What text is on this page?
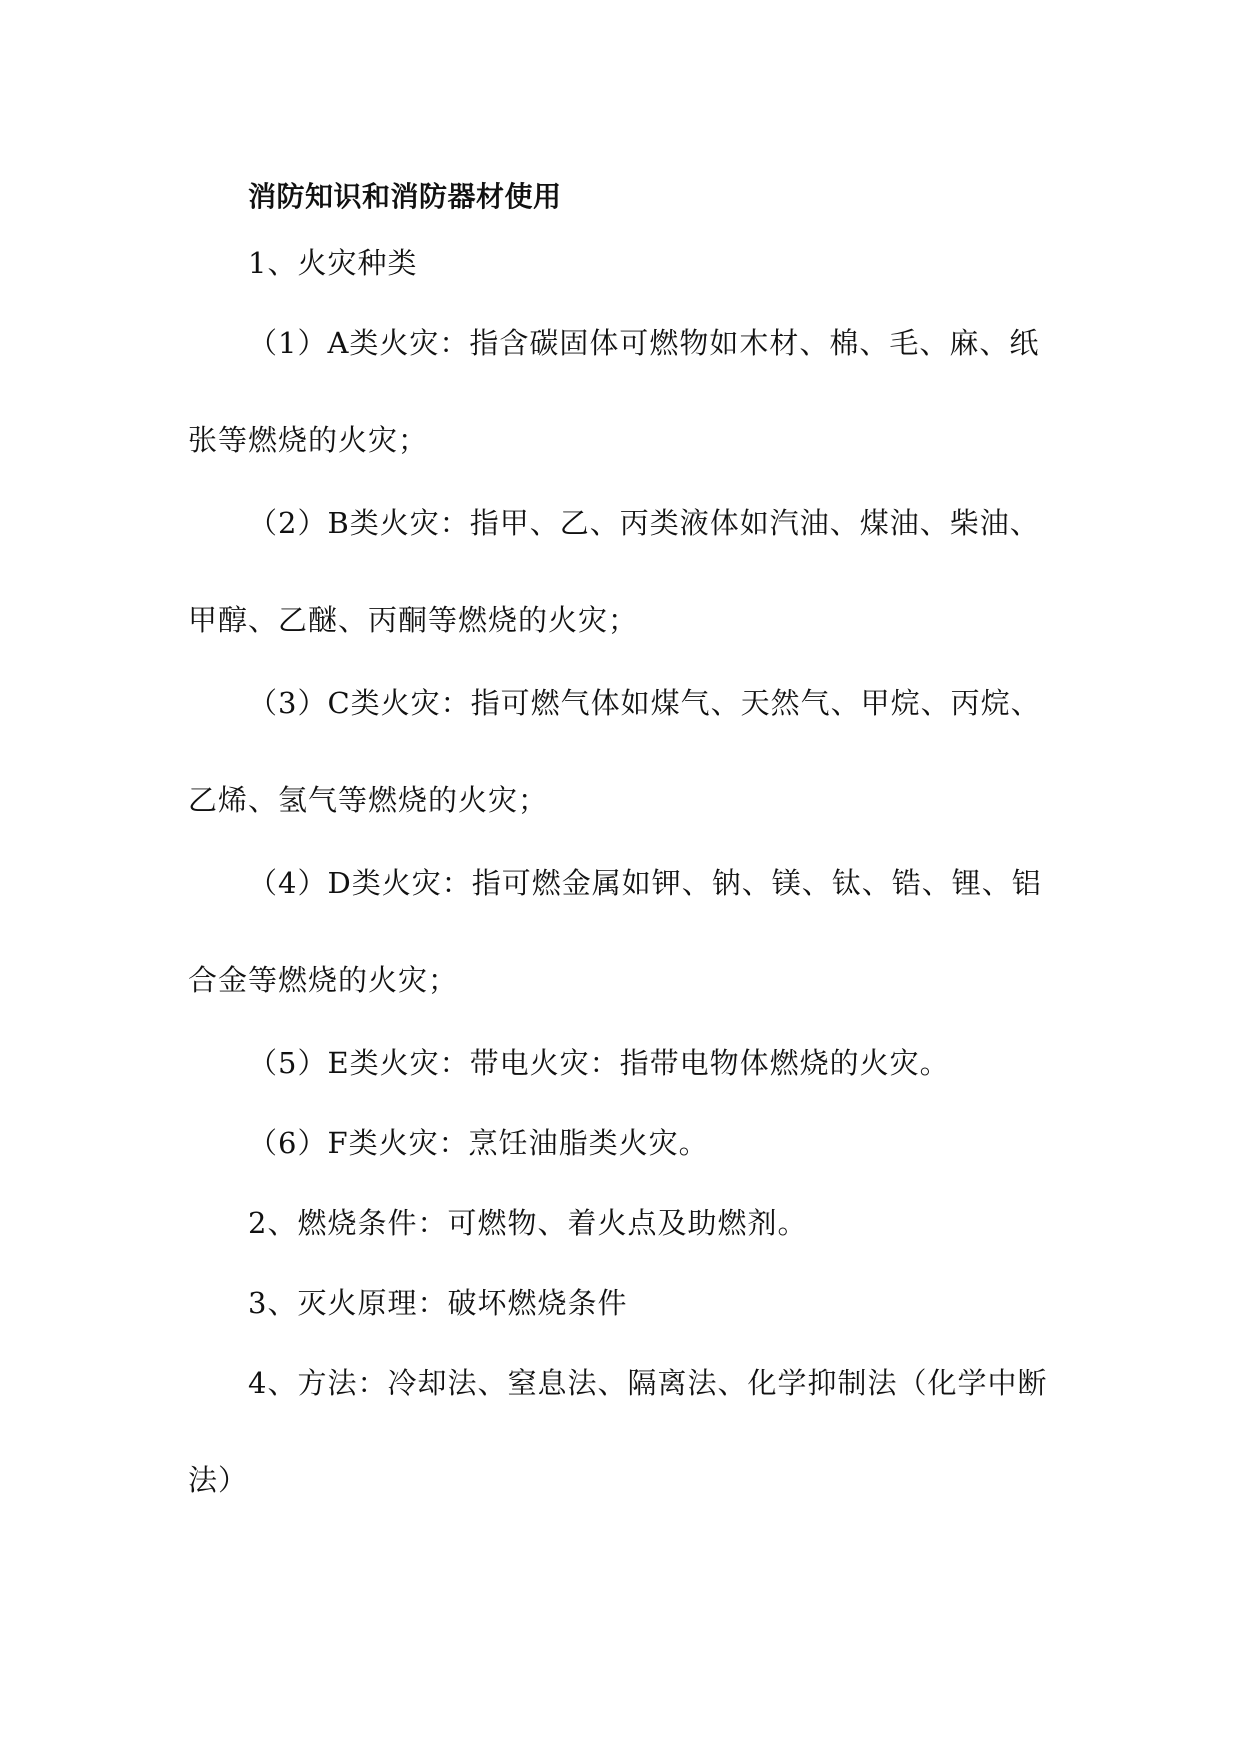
消防知识和消防器材使用
1、火灾种类
（1）A类火灾：指含碳固体可燃物如木材、棉、毛、麻、纸
张等燃烧的火灾；
（2）B类火灾：指甲、乙、丙类液体如汽油、煤油、柴油、
甲醇、乙醚、丙酮等燃烧的火灾；
（3）C类火灾：指可燃气体如煤气、天然气、甲烷、丙烷、
乙烯、氢气等燃烧的火灾；
（4）D类火灾：指可燃金属如钾、钠、镁、钛、锆、锂、铝
合金等燃烧的火灾；
（5）E类火灾：带电火灾：指带电物体燃烧的火灾。
（6）F类火灾：烹饪油脂类火灾。
2、燃烧条件：可燃物、着火点及助燃剂。
3、灭火原理：破坏燃烧条件
4、方法：冷却法、窒息法、隔离法、化学抑制法（化学中断
法）
